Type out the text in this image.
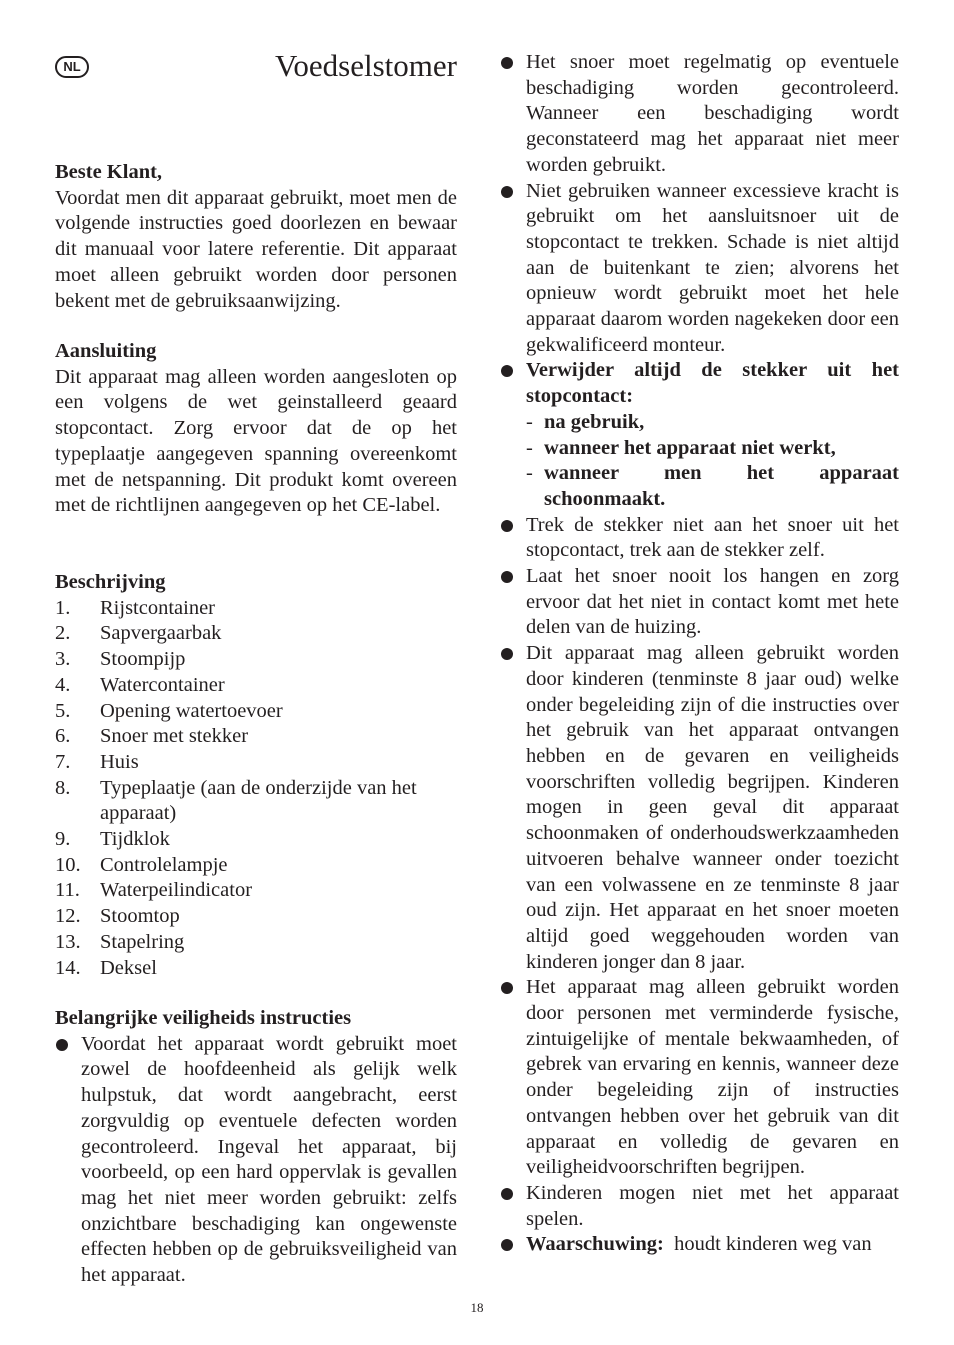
NL	Voedselstomer
Beste Klant,

Voordat men dit apparaat gebruikt, moet men de volgende instructies goed doorlezen en bewaar dit manuaal voor latere referentie. Dit apparaat moet alleen gebruikt worden door personen bekent met de gebruiksaanwijzing.

Aansluiting

Dit apparaat mag alleen worden aangesloten op een volgens de wet geinstalleerd geaard stopcontact. Zorg ervoor dat de op het typeplaatje aangegeven spanning overeenkomt met de netspanning. Dit produkt komt overeen met de richtlijnen aangegeven op het CE-label.

Beschrijving
1.	Rijstcontainer
2.	Sapvergaarbak
3.	Stoompijp
4.	Watercontainer
5.	Opening watertoevoer
6.	Snoer met stekker
7.	Huis
8.	Typeplaatje (aan de onderzijde van het apparaat)
9.	Tijdklok
10. Controlelampje
11. Waterpeilindicator
12. Stoomtop
13. Stapelring
14. Deksel
Belangrijke veiligheids instructies
Voordat het apparaat wordt gebruikt moet zowel de hoofdeenheid als gelijk welk hulpstuk, dat wordt aangebracht, eerst zorgvuldig op eventuele defecten worden gecontroleerd. Ingeval het apparaat, bij voorbeeld, op een hard oppervlak is gevallen mag het niet meer worden gebruikt: zelfs onzichtbare beschadiging kan ongewenste effecten hebben op de gebruiksveiligheid van het apparaat.
Het snoer moet regelmatig op eventuele beschadiging worden gecontroleerd. Wanneer een beschadiging wordt geconstateerd mag het apparaat niet meer worden gebruikt.
Niet gebruiken wanneer excessieve kracht is gebruikt om het aansluitsnoer uit de stopcontact te trekken. Schade is niet altijd aan de buitenkant te zien; alvorens het opnieuw wordt gebruikt moet het hele apparaat daarom worden nagekeken door een gekwalificeerd monteur.
Verwijder altijd de stekker uit het stopcontact:
- na gebruik,
- wanneer het apparaat niet werkt,
- wanneer men het apparaat schoonmaakt.
Trek de stekker niet aan het snoer uit het stopcontact, trek aan de stekker zelf.
Laat het snoer nooit los hangen en zorg ervoor dat het niet in contact komt met hete delen van de huizing.
Dit apparaat mag alleen gebruikt worden door kinderen (tenminste 8 jaar oud) welke onder begeleiding zijn of die instructies over het gebruik van het apparaat ontvangen hebben en de gevaren en veiligheids voorschriften volledig begrijpen. Kinderen mogen in geen geval dit apparaat schoonmaken of onderhoudswerkzaamheden uitvoeren behalve wanneer onder toezicht van een volwassene en ze tenminste 8 jaar oud zijn. Het apparaat en het snoer moeten altijd goed weggehouden worden van kinderen jonger dan 8 jaar.
Het apparaat mag alleen gebruikt worden door personen met verminderde fysische, zintuigelijke of mentale bekwaamheden, of gebrek van ervaring en kennis, wanneer deze onder begeleiding zijn of instructies ontvangen hebben over het gebruik van dit apparaat en volledig de gevaren en veiligheidvoorschriften begrijpen.
Kinderen mogen niet met het apparaat spelen.
Waarschuwing: houdt kinderen weg van
18
